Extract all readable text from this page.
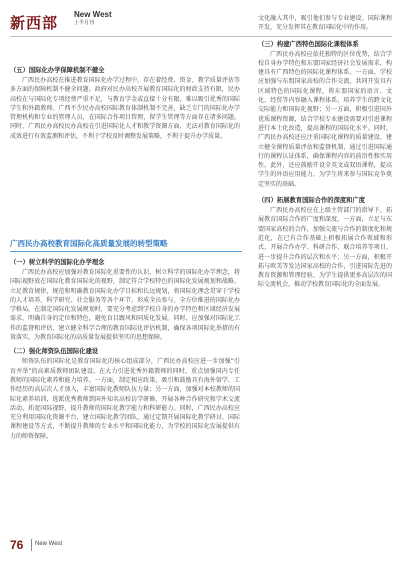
新西部 New West
上半月刊

（五）国际化办学保障机制不健全

广西民办高校在推进教育国际化办学过程中，存在着经费、资金、教学质量评估等多方面的保障机制不健全问题。政府对民办高校开展教育国际化的财政支持有限，民办高校在与国际化专项经费严重不足，与教育学金或直接十分有限，难以吸引优秀的国际学生和外籍教师。广西不少民办高校国际教育体制机制不完善，缺乏专门的国际化办学管理机构和专业的管理人员，在国际合作项目管理、留学生管理等方面存在诸多问题。同时，广西民办高校民办高校在引进国际化人才和教学资源方面，无法对教育国际化的成效进行有效监测和评估，不利于学校及时调整发展策略，不利于提升办学质量。

广西民办高校教育国际化高质量发展的转型策略

（一）树立科学的国际化办学理念

广西民办高校应加强对教育国际化重要性的认识，树立科学的国际化办学理念，将国际视野放在国际化教育国际化的视野，制定符合学校特色的国际化发展规划和战略，立足教育规律，规范和明确教育国际化办学目标和长远规划，将国际化理念贯穿于学校的人才培养、科学研究、社会服务等各个环节，形成全员参与、全方位推进的国际化办学格局。在制定国际化发展规划时，要充分考虑到学校自身的办学特色和区域经济发展需求，明确自身的定位和特色，避免盲目跟风和同质化发展。同时，应加强对国际化工作的监督和评估，建立健全科学合理的教育国际化评估机制，确保各项国际化举措的有效落实，为教育国际化的高质量发展提供坚实的思想保障。

（二）强化师资队伍国际化建设

师资队伍的国际化是教育国际化的核心组成部分，广西民办高校应进一步加强“引育并举”的高素质教师团队建设。在大力引进优秀外籍教师的同时，重点加强国内专任教师的国际化素养和能力培养。一方面，制定相应政策，吸引和鼓励具有海外留学、工作经历的高层次人才加入，丰富国际化教师队伍力量；另一方面，加强对本校教师的国际化素养培训，选派优秀教师到国外知名高校访学研修，开展各种合作研究和学术交流活动，拓宽国际视野，提升教师的国际化教学能力和科研能力。同时，广西民办高校应充分利用国际化资源平台，建立国际化教学团队，通过定期开展国际化教学研讨、国际课程建设等方式，不断提升教师的专业水平和国际化能力，为学校的国际化发展提供有力的师资保障。

文化融入其中，吸引他们参与专业建设、国际课程开发，充分发挥其在教育国际化中的作用。

（三）构建广西特色国际化课程体系

广西民办高校应依托独特的区位优势，结合学校自身办学特色和东盟国家经济社会发展需求，构建具有广西特色的国际化课程体系。一方面，学校应加强与东盟国家高校的合作交流，共同开发具有区域特色的国际化课程，将东盟国家的语言、文化、经贸等内容融入课程体系，培养学生的跨文化交际能力和国际化视野；另一方面，积极引进国外优质课程资源，结合学校专业建设需要对引进课程进行本土化改造，提高课程的国际化水平。同时，广西民办高校还应注重国际化课程的质量建设，建立健全课程质量评估和监督机制，通过引进国际通行的课程认证体系，确保课程内容的前沿性和实用性。此外，还应鼓励开设全英文或双语课程，提高学生的外语应用能力，为学生将来参与国际竞争奠定坚实的基础。

（四）拓展教育国际合作的深度和广度

广西民办高校应在上级主管部门的指导下，拓展教育国际合作的广度和深度。一方面，立足与东盟国家高校的合作，加强交流与合作的制度化和规范化，在已有合作基础上积极拓展合作领域和形式，开展合作办学、科研合作、联合培养等项目，进一步提升合作的层次和水平；另一方面，积极开拓与欧美等发达国家高校的合作，引进国际先进的教育资源和管理经验，为学生提供更多高层次的国际交流机会，推动学校教育国际化的全面发展。

76 New West
